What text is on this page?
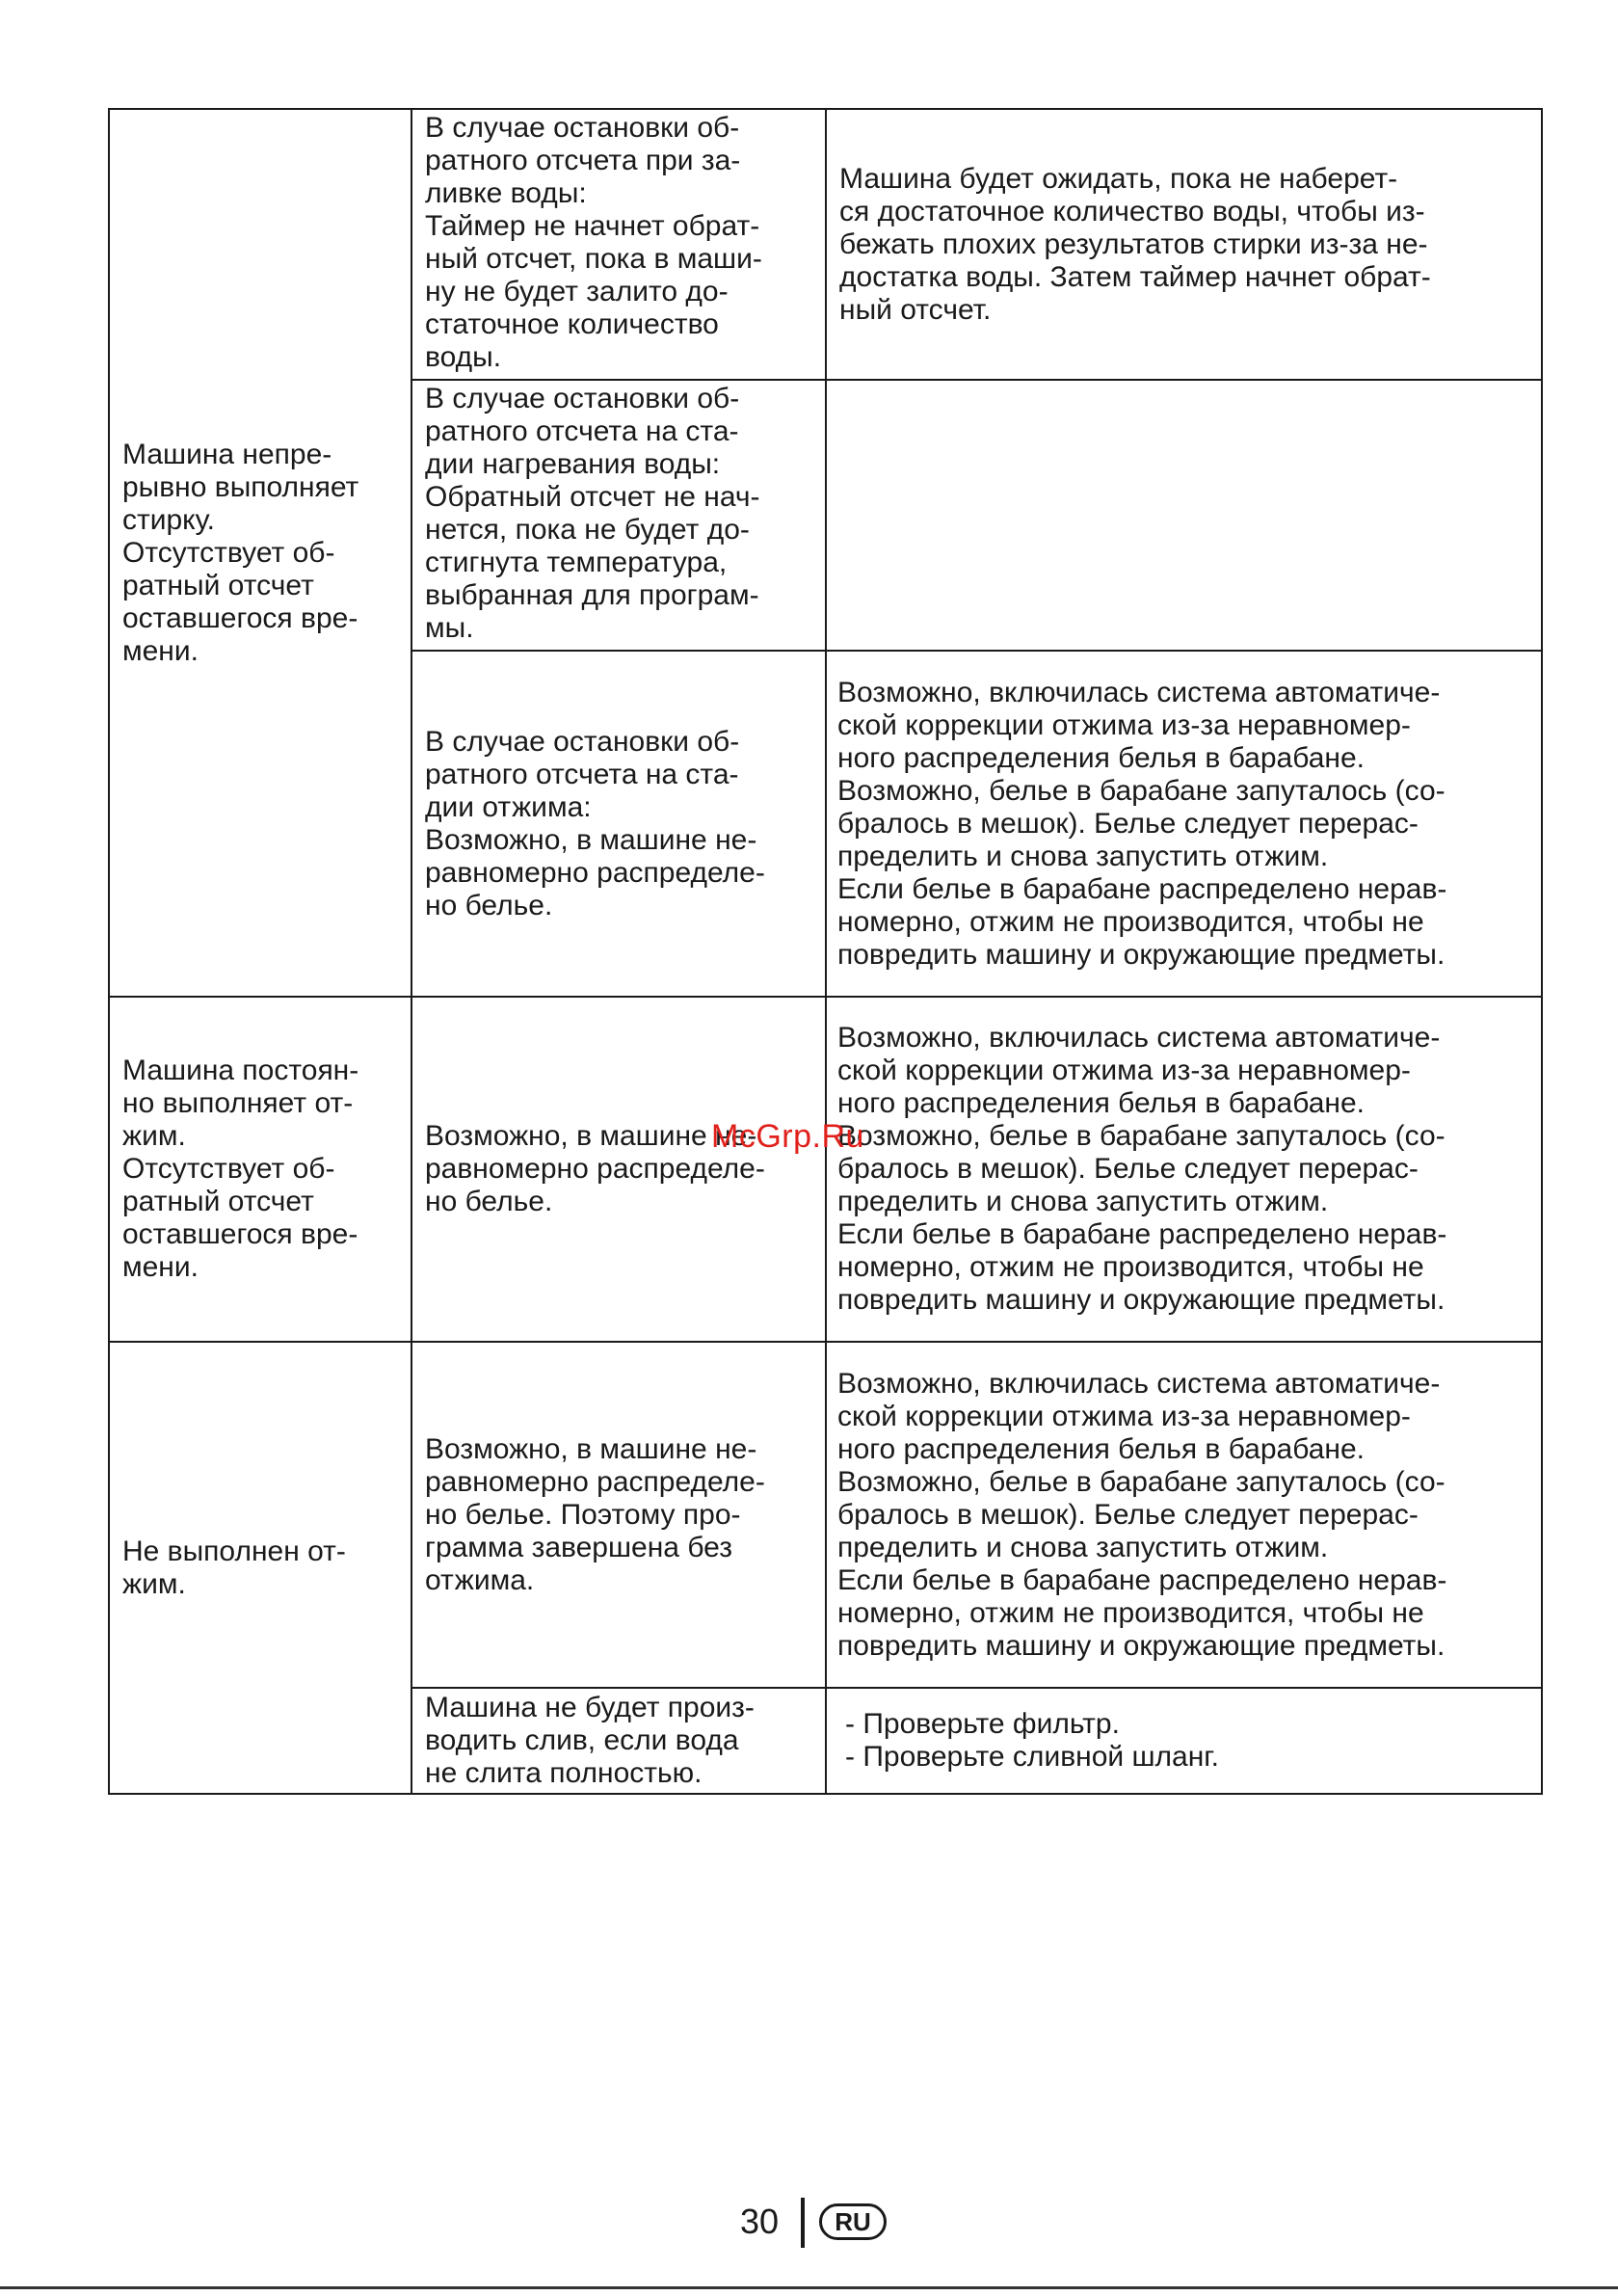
Машина непре-
рывно выполняет
стирку.
Отсутствует об-
ратный отсчет
oставшегося вре-
мени.
В случае остановки об-
ратного отсчета при за-
ливке воды:
Таймер не начнет обрат-
ный отсчет, пока в маши-
ну не будет залито до-
статочное количество
воды.
Машина будет ожидать, пока не наберет-
ся достаточное количество воды, чтобы из-
бежать плохих результатов стирки из-за не-
достатка воды. Затем таймер начнет обрат-
ный отсчет.
В случае остановки об-
ратного отсчета на ста-
дии нагревания воды:
Обратный отсчет не нач-
нется, пока не будет до-
стигнута температура,
выбранная для програм-
мы.
В случае остановки об-
ратного отсчета на ста-
дии отжима:
Возможно, в машине не-
равномерно распределе-
но белье.
Возможно, включилась система автоматиче-
ской коррекции отжима из-за неравномер-
ного распределения белья в барабане.
Возможно, белье в барабане запуталось (со-
бралось в мешок). Белье следует перерас-
пределить и снова запустить отжим.
Если белье в барабане распределено нерав-
номерно, отжим не производится, чтобы не
повредить машину и окружающие предметы.
Машина постоян-
но выполняет от-
жим.
Отсутствует об-
ратный отсчет
oставшегося вре-
мени.
Возможно, в машине не-
равномерно распределе-
но белье.
Возможно, включилась система автоматиче-
ской коррекции отжима из-за неравномер-
ного распределения белья в барабане.
Возможно, белье в барабане запуталось (со-
бралось в мешок). Белье следует перерас-
пределить и снова запустить отжим.
Если белье в барабане распределено нерав-
номерно, отжим не производится, чтобы не
повредить машину и окружающие предметы.
Не выполнен от-
жим.
Возможно, в машине не-
равномерно распределе-
но белье. Поэтому про-
грамма завершена без
отжима.
Возможно, включилась система автоматиче-
ской коррекции отжима из-за неравномер-
ного распределения белья в барабане.
Возможно, белье в барабане запуталось (со-
бралось в мешок). Белье следует перерас-
пределить и снова запустить отжим.
Если белье в барабане распределено нерав-
номерно, отжим не производится, чтобы не
повредить машину и окружающие предметы.
Машина не будет произ-
водить слив, если вода
не слита полностью.
- Проверьте фильтр.
- Проверьте сливной шланг.
McGrp.Ru
30	RU
